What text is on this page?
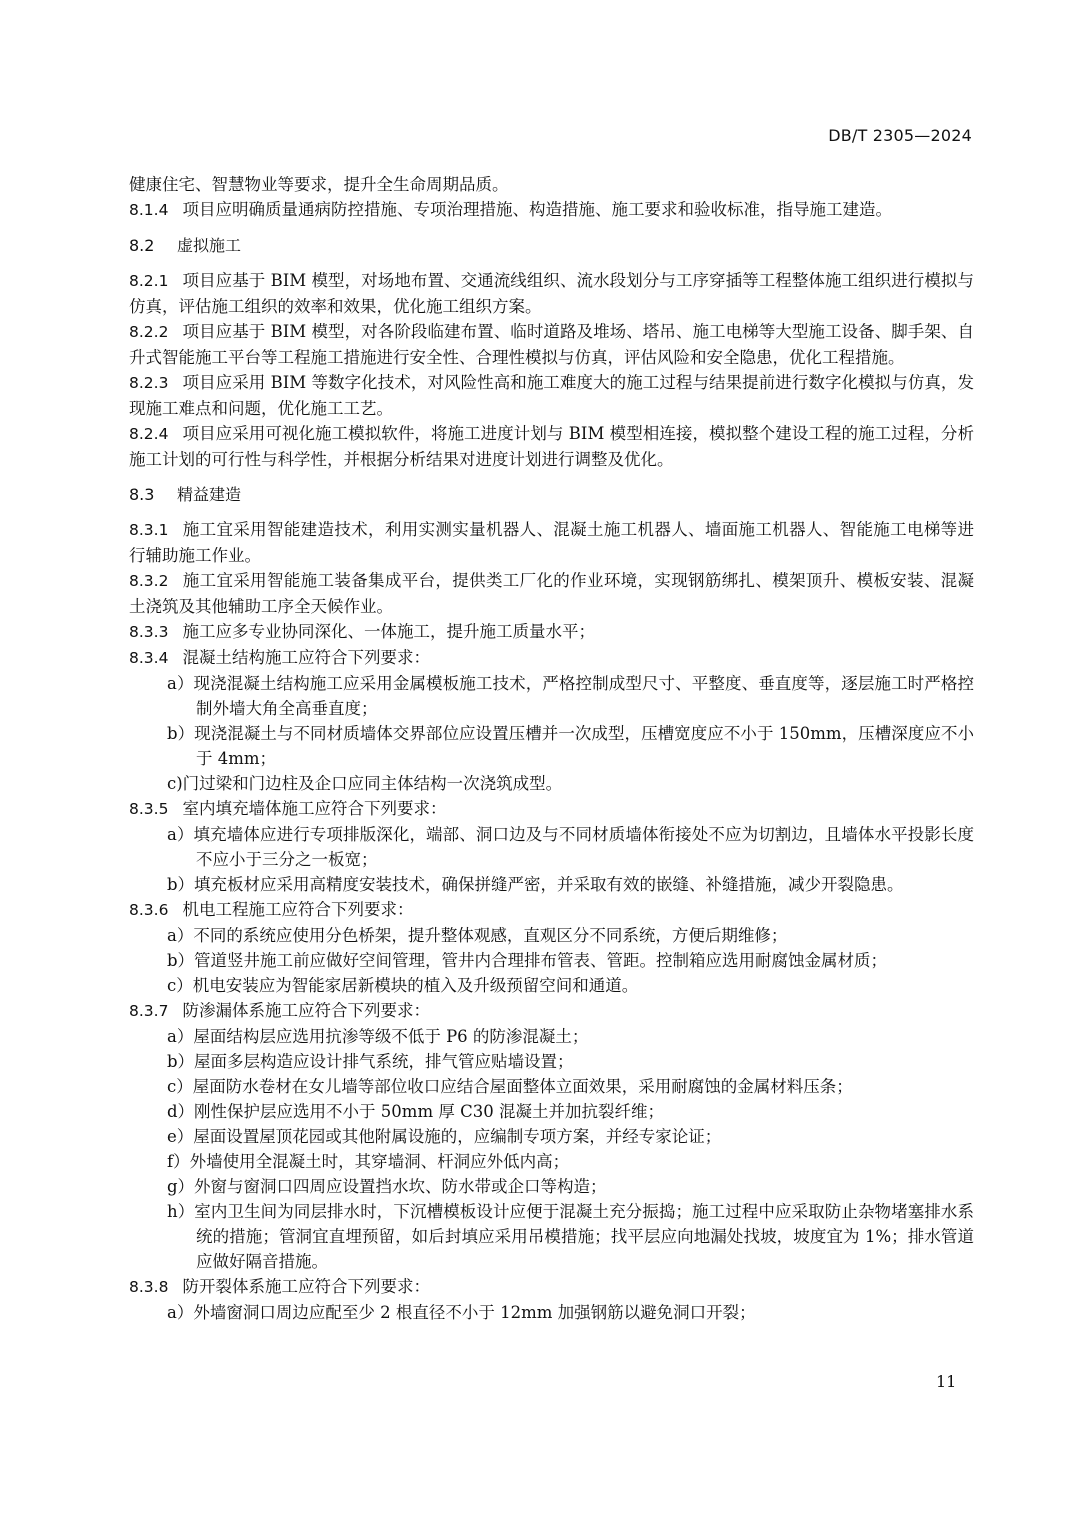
DB/T 2305—2024

健康住宅、智慧物业等要求，提升全生命周期品质。

8.1.4 项目应明确质量通病防控措施、专项治理措施、构造措施、施工要求和验收标准，指导施工建造。

8.2 虚拟施工

8.2.1 项目应基于 BIM 模型，对场地布置、交通流线组织、流水段划分与工序穿插等工程整体施工组织进行模拟与仿真，评估施工组织的效率和效果，优化施工组织方案。

8.2.2 项目应基于 BIM 模型，对各阶段临建布置、临时道路及堆场、塔吊、施工电梯等大型施工设备、脚手架、自升式智能施工平台等工程施工措施进行安全性、合理性模拟与仿真，评估风险和安全隐患，优化工程措施。

8.2.3 项目应采用 BIM 等数字化技术，对风险性高和施工难度大的施工过程与结果提前进行数字化模拟与仿真，发现施工难点和问题，优化施工工艺。

8.2.4 项目应采用可视化施工模拟软件，将施工进度计划与 BIM 模型相连接，模拟整个建设工程的施工过程，分析施工计划的可行性与科学性，并根据分析结果对进度计划进行调整及优化。

8.3 精益建造

8.3.1 施工宜采用智能建造技术，利用实测实量机器人、混凝土施工机器人、墙面施工机器人、智能施工电梯等进行辅助施工作业。

8.3.2 施工宜采用智能施工装备集成平台，提供类工厂化的作业环境，实现钢筋绑扎、模架顶升、模板安装、混凝土浇筑及其他辅助工序全天候作业。

8.3.3 施工应多专业协同深化、一体施工，提升施工质量水平；

8.3.4 混凝土结构施工应符合下列要求：

a）现浇混凝土结构施工应采用金属模板施工技术，严格控制成型尺寸、平整度、垂直度等，逐层施工时严格控制外墙大角全高垂直度；

b）现浇混凝土与不同材质墙体交界部位应设置压槽并一次成型，压槽宽度应不小于 150mm，压槽深度应不小于 4mm；

c)门过梁和门边柱及企口应同主体结构一次浇筑成型。

8.3.5 室内填充墙体施工应符合下列要求：

a）填充墙体应进行专项排版深化，端部、洞口边及与不同材质墙体衔接处不应为切割边，且墙体水平投影长度不应小于三分之一板宽；

b）填充板材应采用高精度安装技术，确保拼缝严密，并采取有效的嵌缝、补缝措施，减少开裂隐患。

8.3.6 机电工程施工应符合下列要求：

a）不同的系统应使用分色桥架，提升整体观感，直观区分不同系统，方便后期维修；

b）管道竖井施工前应做好空间管理，管井内合理排布管表、管距。控制箱应选用耐腐蚀金属材质；

c）机电安装应为智能家居新模块的植入及升级预留空间和通道。

8.3.7 防渗漏体系施工应符合下列要求：

a）屋面结构层应选用抗渗等级不低于 P6 的防渗混凝土；

b）屋面多层构造应设计排气系统，排气管应贴墙设置；

c）屋面防水卷材在女儿墙等部位收口应结合屋面整体立面效果，采用耐腐蚀的金属材料压条；

d）刚性保护层应选用不小于 50mm 厚 C30 混凝土并加抗裂纤维；

e）屋面设置屋顶花园或其他附属设施的，应编制专项方案，并经专家论证；

f）外墙使用全混凝土时，其穿墙洞、杆洞应外低内高；

g）外窗与窗洞口四周应设置挡水坎、防水带或企口等构造；

h）室内卫生间为同层排水时，下沉槽模板设计应便于混凝土充分振捣；施工过程中应采取防止杂物堵塞排水系统的措施；管洞宜直埋预留，如后封填应采用吊模措施；找平层应向地漏处找坡，坡度宜为 1%；排水管道应做好隔音措施。

8.3.8 防开裂体系施工应符合下列要求：

a）外墙窗洞口周边应配至少 2 根直径不小于 12mm 加强钢筋以避免洞口开裂；

11
